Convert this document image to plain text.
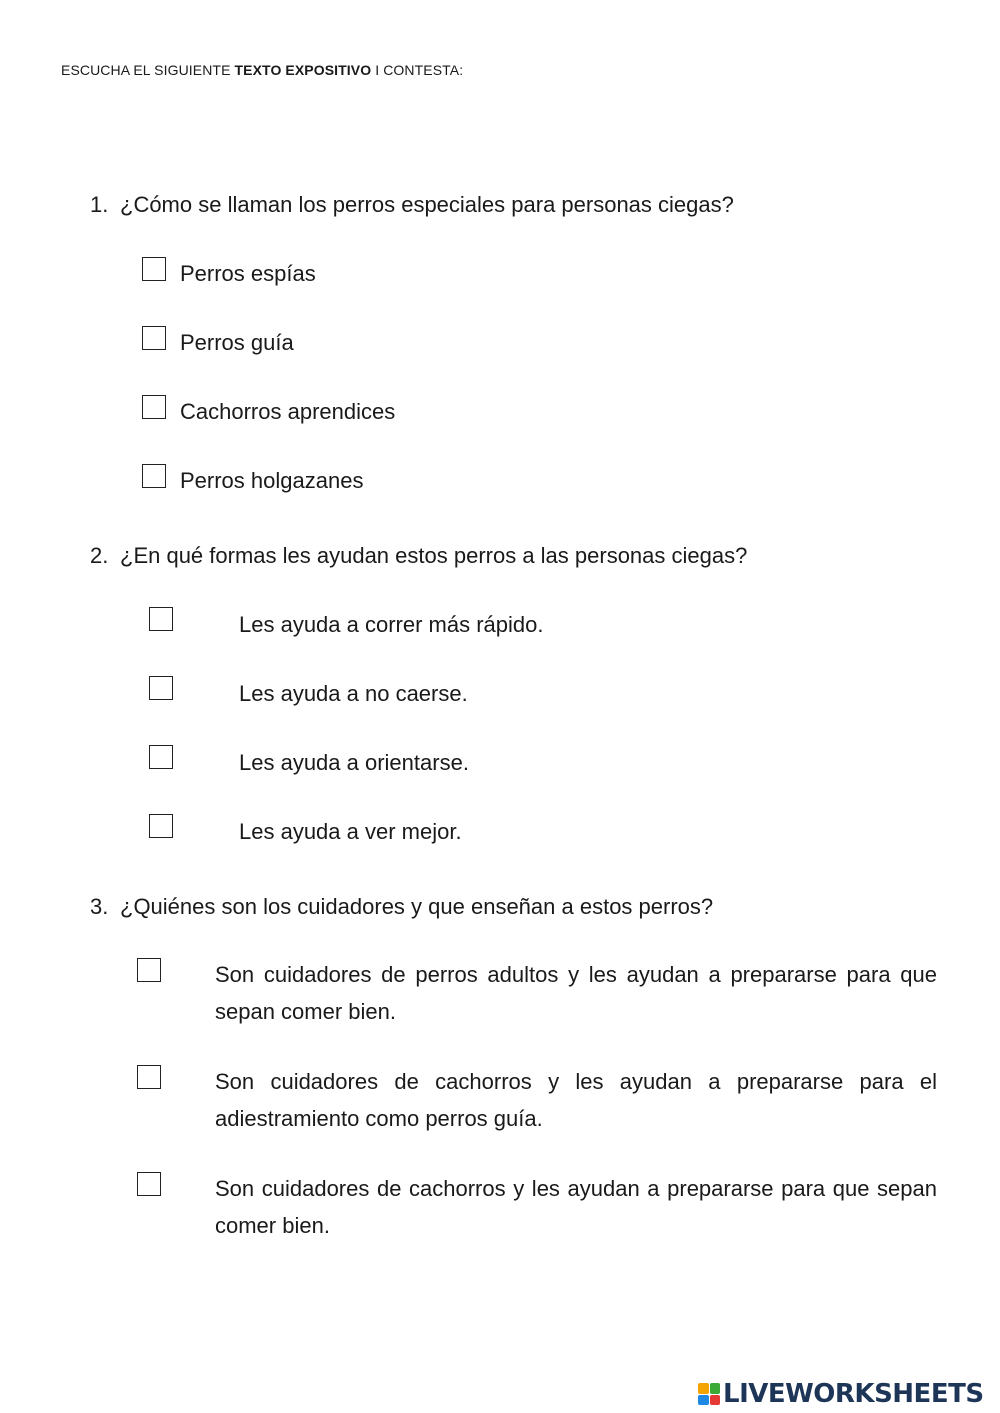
ESCUCHA EL SIGUIENTE TEXTO EXPOSITIVO I CONTESTA:
1. ¿Cómo se llaman los perros especiales para personas ciegas?
Perros espías
Perros guía
Cachorros aprendices
Perros holgazanes
2. ¿En qué formas les ayudan estos perros a las personas ciegas?
Les ayuda a correr más rápido.
Les ayuda a no caerse.
Les ayuda a orientarse.
Les ayuda a ver mejor.
3. ¿Quiénes son los cuidadores y que enseñan a estos perros?
Son cuidadores de perros adultos y les ayudan a prepararse para que sepan comer bien.
Son cuidadores de cachorros y les ayudan a prepararse para el adiestramiento como perros guía.
Son cuidadores de cachorros y les ayudan a prepararse para que sepan comer bien.
LIVEWORKSHEETS
